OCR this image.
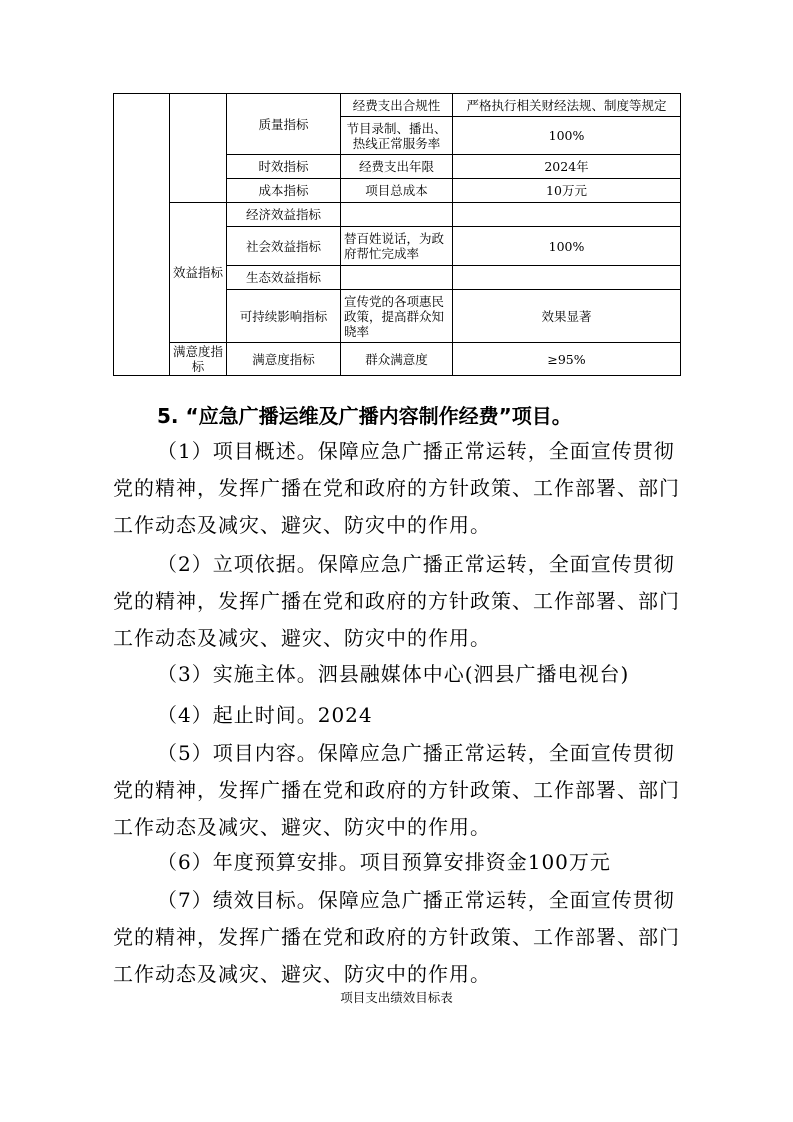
		质量指标	经费支出合规性	严格执行相关财经法规、制度等规定
			节目录制、播出、热线正常服务率	100%
		时效指标	经费支出年限	2024年
		成本指标	项目总成本	10万元
	效益指标	经济效益指标		
		社会效益指标	替百姓说话，为政府帮忙完成率	100%
		生态效益指标		
		可持续影响指标	宣传党的各项惠民政策，提高群众知晓率	效果显著
	满意度指标	满意度指标	群众满意度	≥95%
5. “应急广播运维及广播内容制作经费”项目。

（1）项目概述。保障应急广播正常运转，全面宣传贯彻党的精神，发挥广播在党和政府的方针政策、工作部署、部门工作动态及减灾、避灾、防灾中的作用。

（2）立项依据。保障应急广播正常运转，全面宣传贯彻党的精神，发挥广播在党和政府的方针政策、工作部署、部门工作动态及减灾、避灾、防灾中的作用。

（3）实施主体。泗县融媒体中心(泗县广播电视台)

（4）起止时间。2024

（5）项目内容。保障应急广播正常运转，全面宣传贯彻党的精神，发挥广播在党和政府的方针政策、工作部署、部门工作动态及减灾、避灾、防灾中的作用。

（6）年度预算安排。项目预算安排资金100万元

（7）绩效目标。保障应急广播正常运转，全面宣传贯彻党的精神，发挥广播在党和政府的方针政策、工作部署、部门工作动态及减灾、避灾、防灾中的作用。

项目支出绩效目标表
